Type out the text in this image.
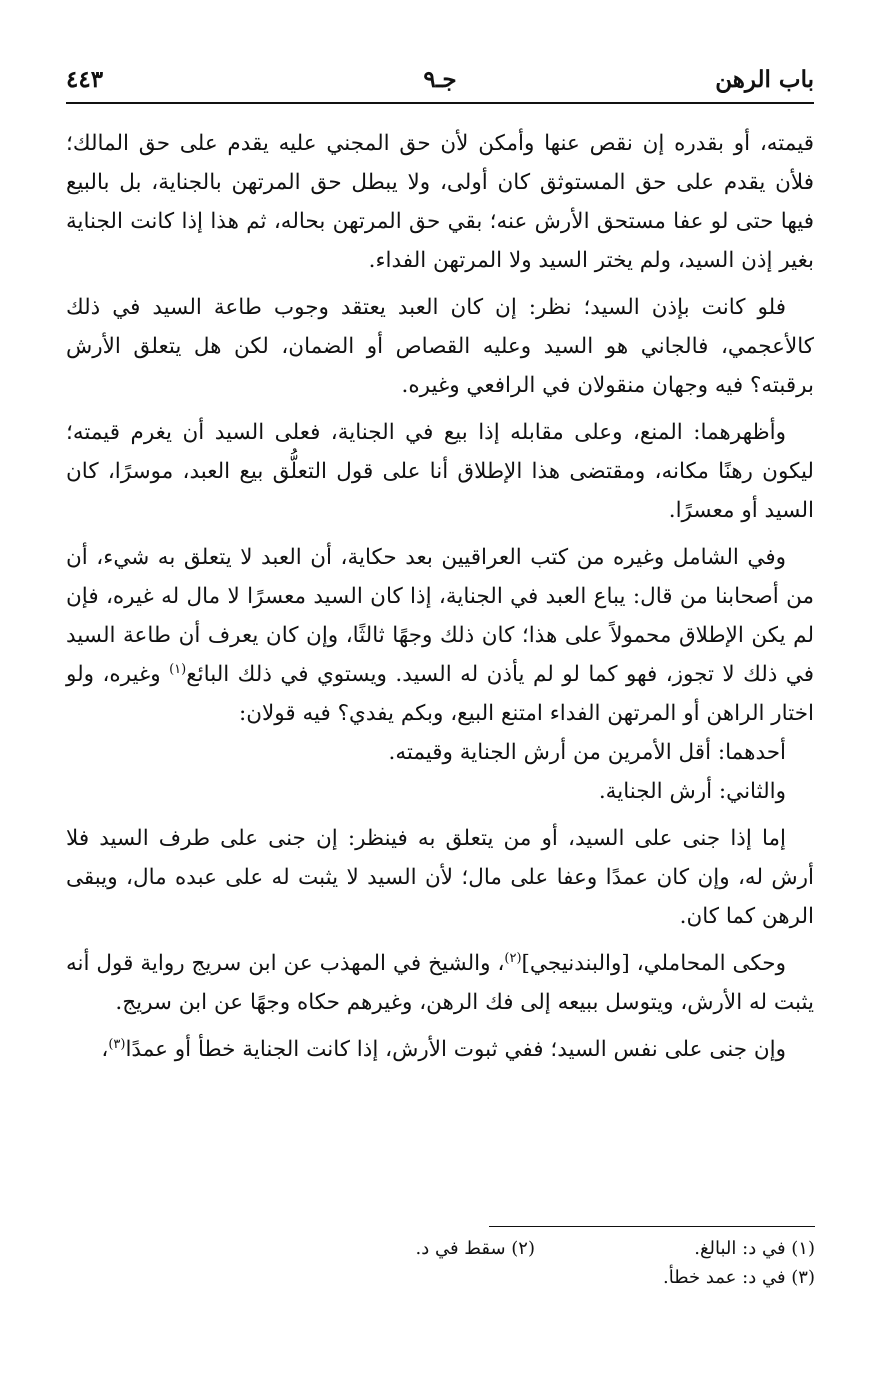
باب الرهن
جـ٩
٤٤٣

قيمته، أو بقدره إن نقص عنها وأمكن لأن حق المجني عليه يقدم على حق المالك؛ فلأن يقدم على حق المستوثق كان أولى، ولا يبطل حق المرتهن بالجناية، بل بالبيع فيها حتى لو عفا مستحق الأرش عنه؛ بقي حق المرتهن بحاله، ثم هذا إذا كانت الجناية بغير إذن السيد، ولم يختر السيد ولا المرتهن الفداء.

فلو كانت بإذن السيد؛ نظر: إن كان العبد يعتقد وجوب طاعة السيد في ذلك كالأعجمي، فالجاني هو السيد وعليه القصاص أو الضمان، لكن هل يتعلق الأرش برقبته؟ فيه وجهان منقولان في الرافعي وغيره.

وأظهرهما: المنع، وعلى مقابله إذا بيع في الجناية، فعلى السيد أن يغرم قيمته؛ ليكون رهنًا مكانه، ومقتضى هذا الإطلاق أنا على قول التعلُّق بيع العبد، موسرًا، كان السيد أو معسرًا.

وفي الشامل وغيره من كتب العراقيين بعد حكاية، أن العبد لا يتعلق به شيء، أن من أصحابنا من قال: يباع العبد في الجناية، إذا كان السيد معسرًا لا مال له غيره، فإن لم يكن الإطلاق محمولاً على هذا؛ كان ذلك وجهًا ثالثًا، وإن كان يعرف أن طاعة السيد في ذلك لا تجوز، فهو كما لو لم يأذن له السيد. ويستوي في ذلك البائع$^{(١)}$ وغيره، ولو اختار الراهن أو المرتهن الفداء امتنع البيع، وبكم يفدي؟ فيه قولان:

أحدهما: أقل الأمرين من أرش الجناية وقيمته.

والثاني: أرش الجناية.

إما إذا جنى على السيد، أو من يتعلق به فينظر: إن جنى على طرف السيد فلا أرش له، وإن كان عمدًا وعفا على مال؛ لأن السيد لا يثبت له على عبده مال، ويبقى الرهن كما كان.

وحكى المحاملي، [والبندنيجي]$^{(٢)}$، والشيخ في المهذب عن ابن سريج رواية قول أنه يثبت له الأرش، ويتوسل ببيعه إلى فك الرهن، وغيرهم حكاه وجهًا عن ابن سريج.

وإن جنى على نفس السيد؛ ففي ثبوت الأرش، إذا كانت الجناية خطأ أو عمدًا$^{(٣)}$،

(١) في د: البالغ.
(٢) سقط في د.
(٣) في د: عمد خطأ.
